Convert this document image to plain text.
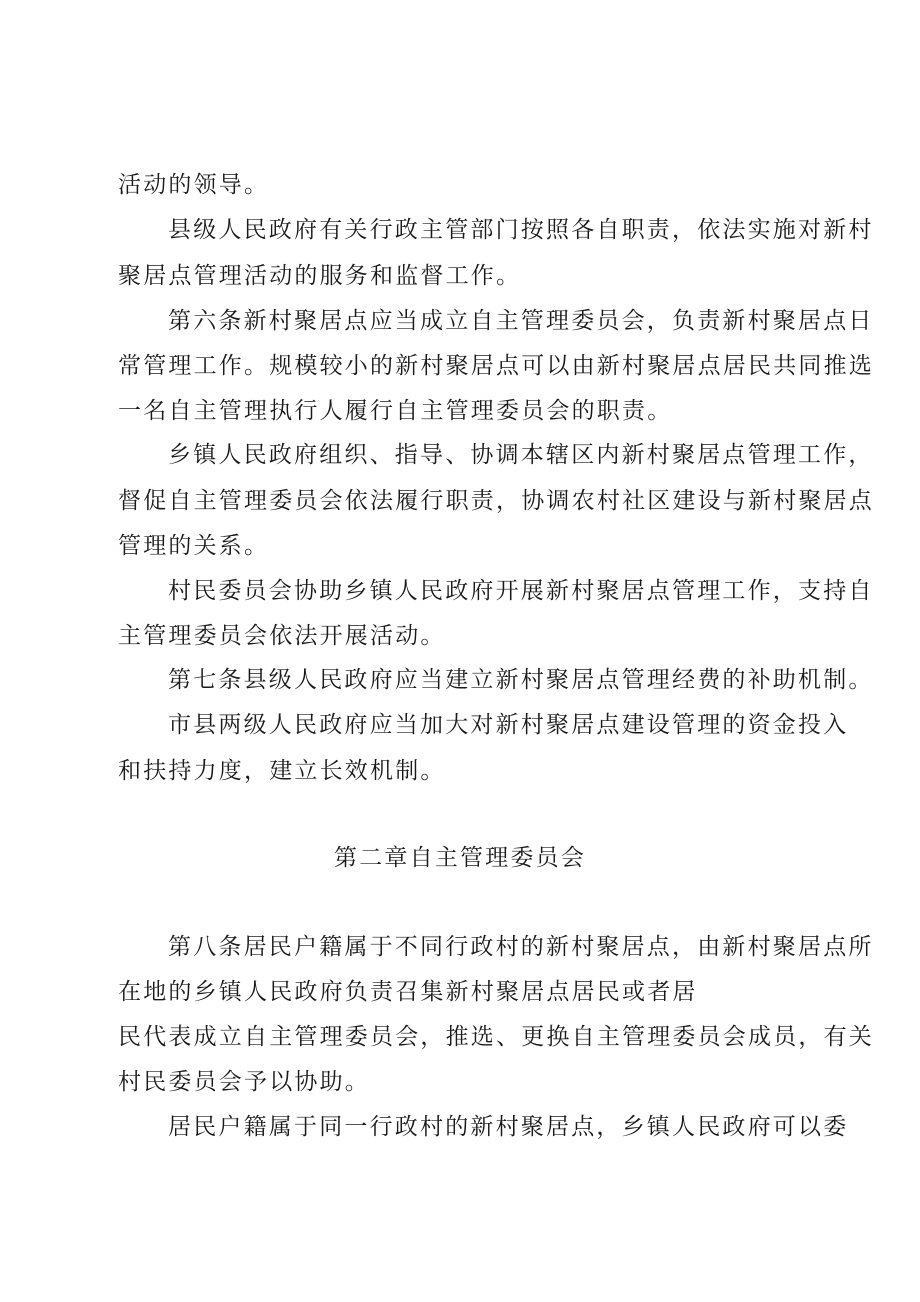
活动的领导。
县级人民政府有关行政主管部门按照各自职责，依法实施对新村
聚居点管理活动的服务和监督工作。
第六条新村聚居点应当成立自主管理委员会，负责新村聚居点日
常管理工作。规模较小的新村聚居点可以由新村聚居点居民共同推选
一名自主管理执行人履行自主管理委员会的职责。
乡镇人民政府组织、指导、协调本辖区内新村聚居点管理工作，
督促自主管理委员会依法履行职责，协调农村社区建设与新村聚居点
管理的关系。
村民委员会协助乡镇人民政府开展新村聚居点管理工作，支持自
主管理委员会依法开展活动。
第七条县级人民政府应当建立新村聚居点管理经费的补助机制。
市县两级人民政府应当加大对新村聚居点建设管理的资金投入
和扶持力度，建立长效机制。
第二章自主管理委员会
第八条居民户籍属于不同行政村的新村聚居点，由新村聚居点所
在地的乡镇人民政府负责召集新村聚居点居民或者居
民代表成立自主管理委员会，推选、更换自主管理委员会成员，有关
村民委员会予以协助。
居民户籍属于同一行政村的新村聚居点，乡镇人民政府可以委
